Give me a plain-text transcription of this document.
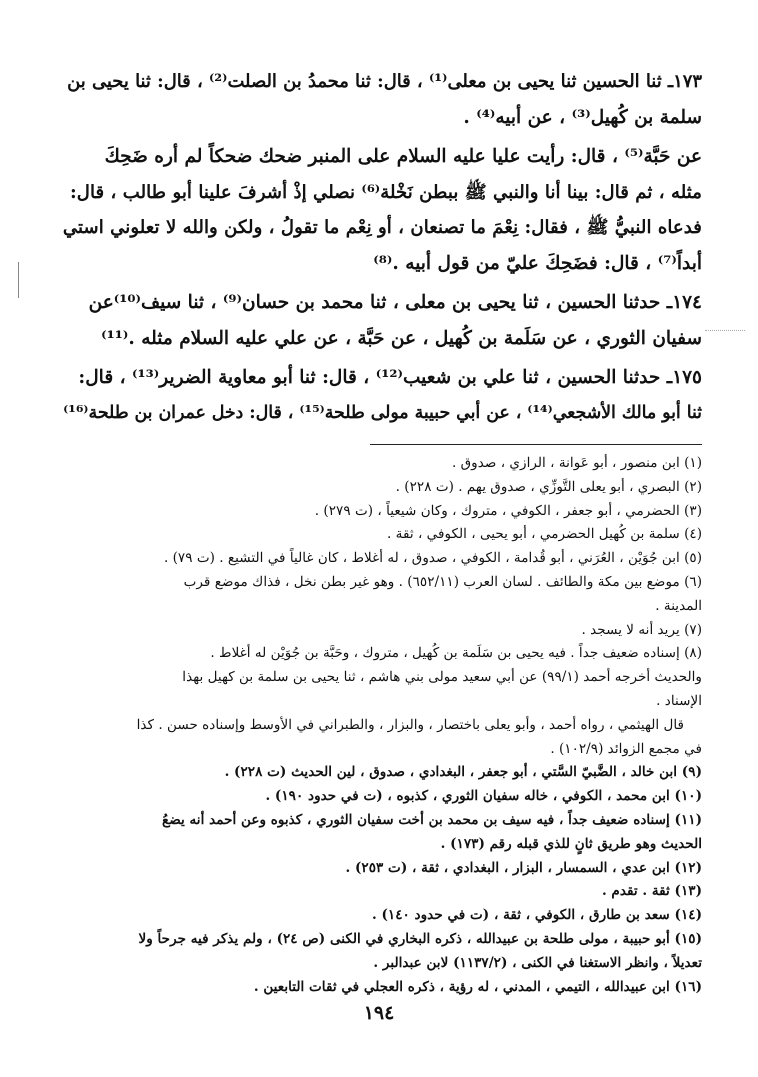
١٧٣ـ ثنا الحسين ثنا يحيى بن معلى⁽¹⁾ ، قال: ثنا محمدُ بن الصلت⁽²⁾ ، قال: ثنا يحيى بن

سلمة بن كُهيل⁽³⁾ ، عن أبيه⁽⁴⁾ .

عن حَبَّة⁽⁵⁾ ، قال: رأيت عليا عليه السلام على المنبر ضحك ضحكاً لم أره ضَحِكَ

مثله ، ثم قال: بينا أنا والنبي ﷺ ببطن نَخْلة⁽⁶⁾ نصلي إذْ أشرفَ علينا أبو طالب ، قال:

فدعاه النبيُّ ﷺ ، فقال: نِعْمَ ما تصنعان ، أو نِعْم ما تقولُ ، ولكن والله لا تعلوني استي

أبداً⁽⁷⁾ ، قال: فضَحِكَ عليّ من قول أبيه .⁽⁸⁾

١٧٤ـ حدثنا الحسين ، ثنا يحيى بن معلى ، ثنا محمد بن حسان⁽⁹⁾ ، ثنا سيف⁽¹⁰⁾عن

سفيان الثوري ، عن سَلَمة بن كُهيل ، عن حَبَّة ، عن علي عليه السلام مثله .⁽¹¹⁾

١٧٥ـ حدثنا الحسين ، ثنا علي بن شعيب⁽¹²⁾ ، قال: ثنا أبو معاوية الضرير⁽¹³⁾ ، قال:

ثنا أبو مالك الأشجعي⁽¹⁴⁾ ، عن أبي حبيبة مولى طلحة⁽¹⁵⁾ ، قال: دخل عمران بن طلحة⁽¹⁶⁾

(١) ابن منصور ، أبو عَوانة ، الرازي ، صدوق .

(٢) البصري ، أبو يعلى التَّوزِّي ، صدوق يهم . (ت ٢٢٨) .

(٣) الحضرمي ، أبو جعفر ، الكوفي ، متروك ، وكان شيعياً ، (ت ٢٧٩) .

(٤) سلمة بن كُهيل الحضرمي ، أبو يحيى ، الكوفي ، ثقة .

(٥) ابن جُوَيْن ، العُرَني ، أبو قُدامة ، الكوفي ، صدوق ، له أغلاط ، كان غالياً في التشيع . (ت ٧٩) .

(٦) موضع بين مكة والطائف . لسان العرب (٦٥٢/١١) . وهو غير بطن نخل ، فذاك موضع قرب

المدينة .

(٧) يريد أنه لا يسجد .

(٨) إسناده ضعيف جداً . فيه يحيى بن سَلَمة بن كُهيل ، متروك ، وحَبَّة بن جُوَيْن له أغلاط .

والحديث أخرجه أحمد (٩٩/١) عن أبي سعيد مولى بني هاشم ، ثنا يحيى بن سلمة بن كهيل بهذا

الإسناد .

قال الهيثمي ، رواه أحمد ، وأبو يعلى باختصار ، والبزار ، والطبراني في الأوسط وإسناده حسن . كذا

في مجمع الزوائد (١٠٢/٩) .

(٩) ابن خالد ، الضَّبيّ السَّتي ، أبو جعفر ، البغدادي ، صدوق ، لين الحديث (ت ٢٢٨) .

(١٠) ابن محمد ، الكوفي ، خاله سفيان الثوري ، كذبوه ، (ت في حدود ١٩٠) .

(١١) إسناده ضعيف جداً ، فيه سيف بن محمد بن أخت سفيان الثوري ، كذبوه وعن أحمد أنه يضعُ

الحديث وهو طريق ثانٍ للذي قبله رقم (١٧٣) .

(١٢) ابن عدي ، السمسار ، البزار ، البغدادي ، ثقة ، (ت ٢٥٣) .

(١٣) ثقة . تقدم .

(١٤) سعد بن طارق ، الكوفي ، ثقة ، (ت في حدود ١٤٠) .

(١٥) أبو حبيبة ، مولى طلحة بن عبيدالله ، ذكره البخاري في الكنى (ص ٢٤) ، ولم يذكر فيه جرحاً ولا

تعديلاً ، وانظر الاستغنا في الكنى ، (١١٣٧/٢) لابن عبدالبر .

(١٦) ابن عبيدالله ، التيمي ، المدني ، له رؤية ، ذكره العجلي في ثقات التابعين .

١٩٤
